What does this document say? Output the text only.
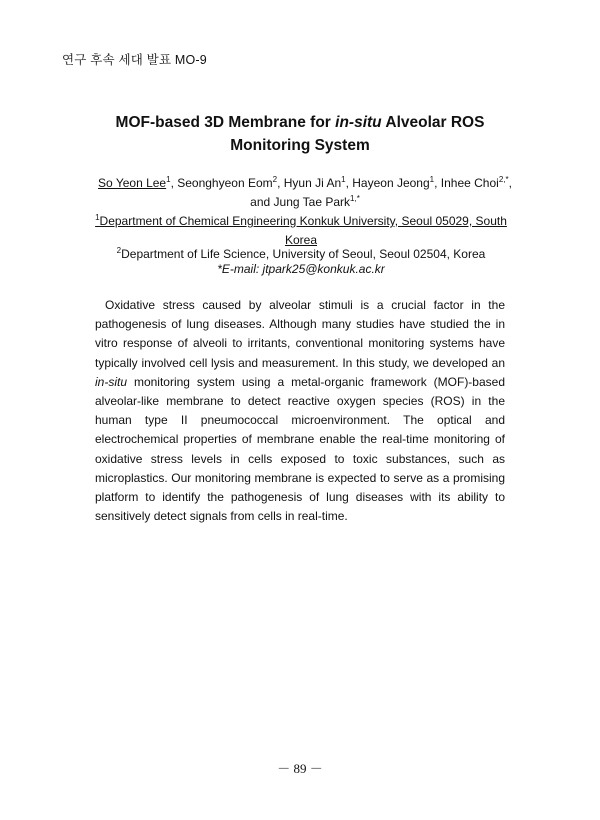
연구 후속 세대 발표 MO-9
MOF-based 3D Membrane for in-situ Alveolar ROS
Monitoring System
So Yeon Lee$^1$, Seonghyeon Eom$^2$, Hyun Ji An$^1$, Hayeon Jeong$^1$, Inhee Choi$^{2,*}$,
and Jung Tae Park$^{1,*}$
$^1$Department of Chemical Engineering Konkuk University, Seoul 05029, South
Korea
$^2$Department of Life Science, University of Seoul, Seoul 02504, Korea
*E-mail: jtpark25@konkuk.ac.kr

Oxidative stress caused by alveolar stimuli is a crucial factor in the pathogenesis of lung diseases. Although many studies have studied the in vitro response of alveoli to irritants, conventional monitoring systems have typically involved cell lysis and measurement. In this study, we developed an in-situ monitoring system using a metal-organic framework (MOF)-based alveolar-like membrane to detect reactive oxygen species (ROS) in the human type II pneumococcal microenvironment. The optical and electrochemical properties of membrane enable the real-time monitoring of oxidative stress levels in cells exposed to toxic substances, such as microplastics. Our monitoring membrane is expected to serve as a promising platform to identify the pathogenesis of lung diseases with its ability to sensitively detect signals from cells in real-time.

－ 89 －
